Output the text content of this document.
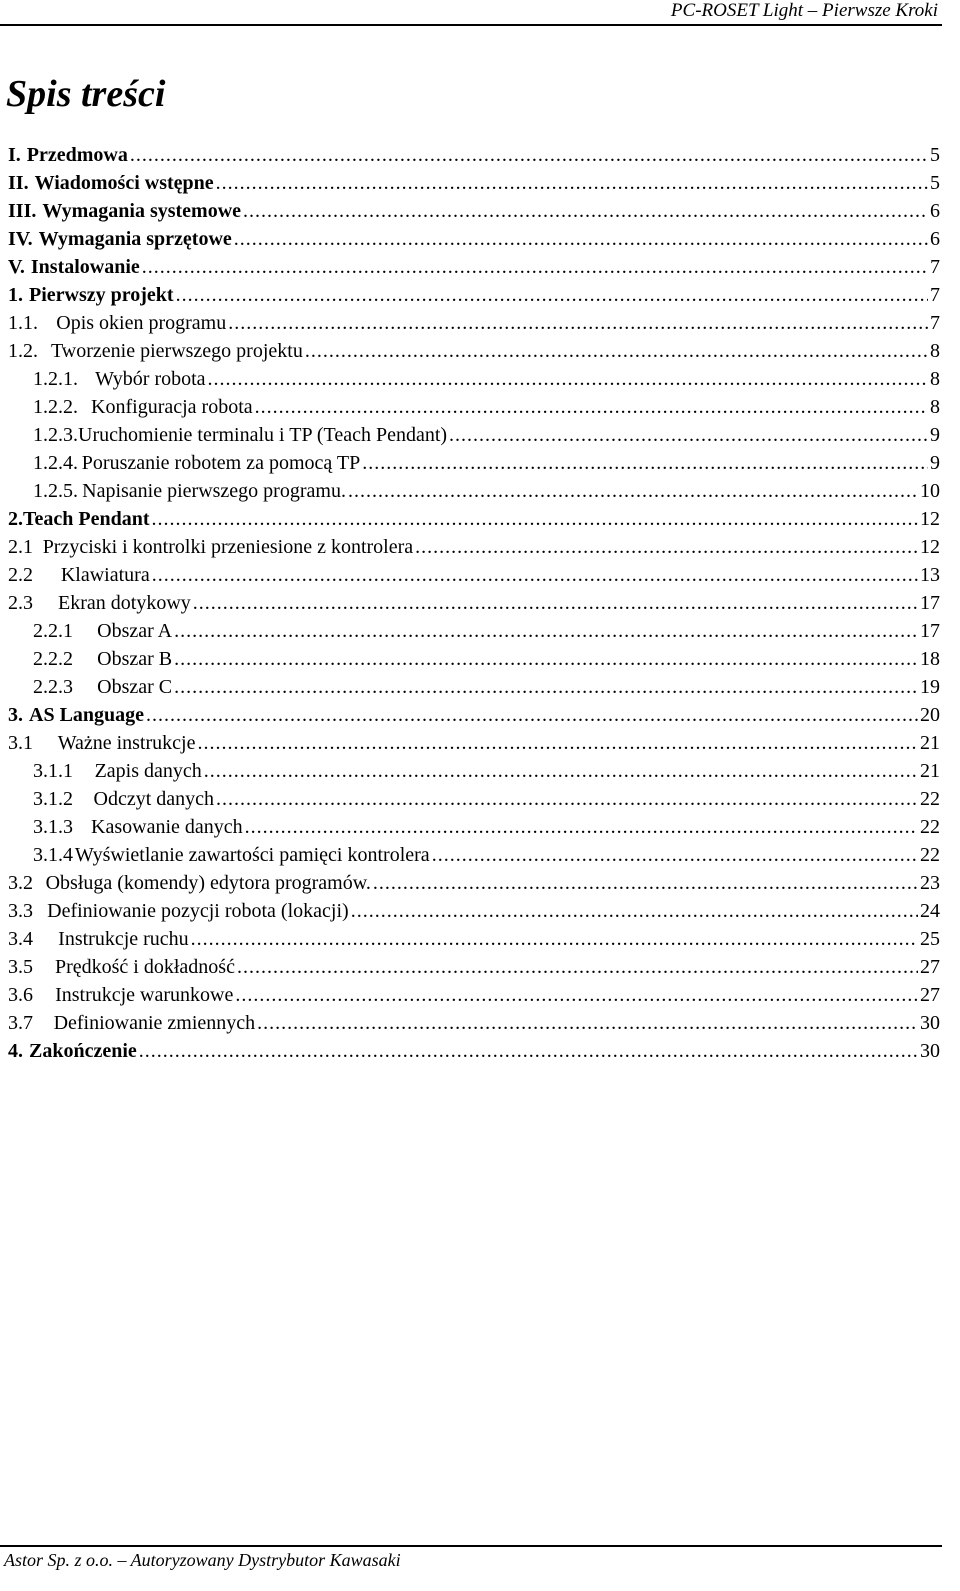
PC-ROSET Light – Pierwsze Kroki
Spis treści
I. Przedmowa .....	5
II. Wiadomości wstępne .....	5
III. Wymagania systemowe .....	6
IV. Wymagania sprzętowe .....	6
V. Instalowanie .....	7
1. Pierwszy projekt .....	7
1.1. Opis okien programu .....	7
1.2. Tworzenie pierwszego projektu .....	8
1.2.1. Wybór robota .....	8
1.2.2. Konfiguracja robota .....	8
1.2.3. Uruchomienie terminalu i TP (Teach Pendant) .....	9
1.2.4. Poruszanie robotem za pomocą TP .....	9
1.2.5. Napisanie pierwszego programu. .....	10
2. Teach Pendant .....	12
2.1 Przyciski i kontrolki przeniesione z kontrolera .....	12
2.2	Klawiatura .....	13
2.3	Ekran dotykowy .....	17
2.2.1	Obszar A .....	17
2.2.2	Obszar B .....	18
2.2.3	Obszar C .....	19
3. AS Language .....	20
3.1	Ważne instrukcje .....	21
3.1.1	Zapis danych .....	21
3.1.2	Odczyt danych .....	22
3.1.3 Kasowanie danych .....	22
3.1.4 Wyświetlanie zawartości pamięci kontrolera .....	22
3.2 Obsługa (komendy) edytora programów. .....	23
3.3 Definiowanie pozycji robota (lokacji) .....	24
3.4	Instrukcje ruchu .....	25
3.5	Prędkość i dokładność .....	27
3.6	Instrukcje warunkowe .....	27
3.7	Definiowanie zmiennych .....	30
4. Zakończenie .....	30
Astor Sp. z o.o. – Autoryzowany Dystrybutor Kawasaki
